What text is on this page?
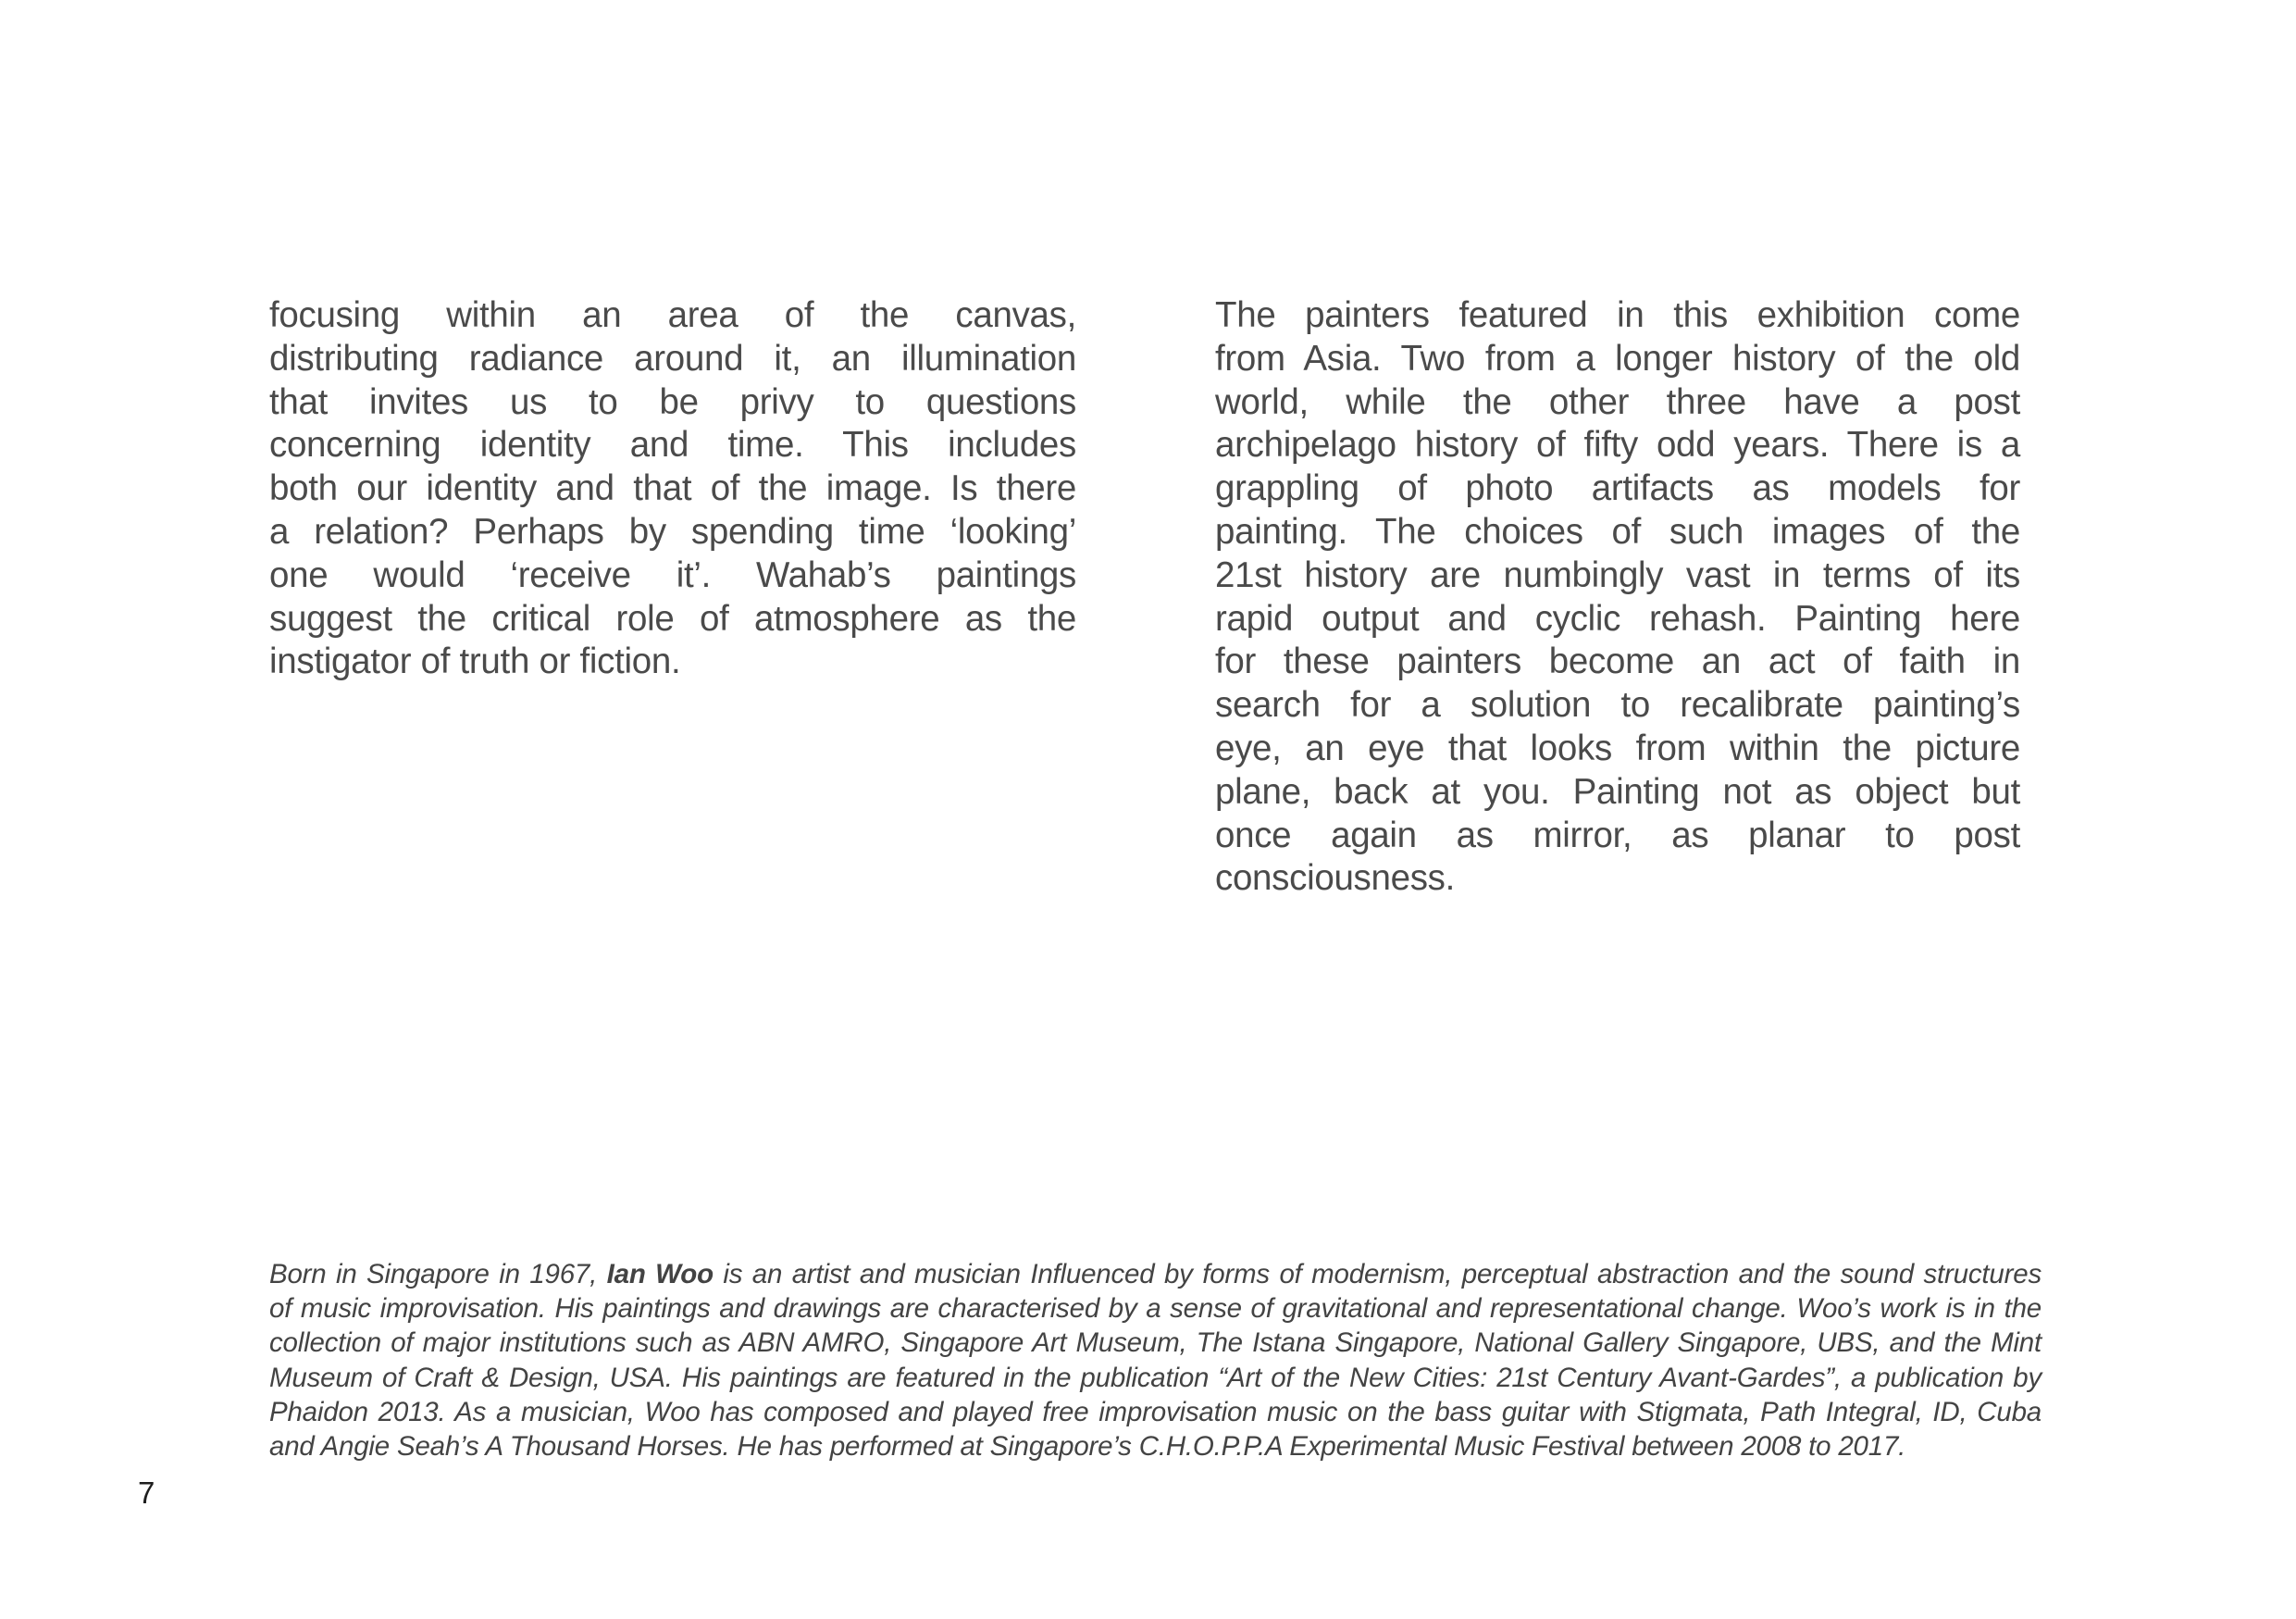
focusing within an area of the canvas,
distributing radiance around it, an illumination
that invites us to be privy to questions
concerning identity and time. This includes
both our identity and that of the image. Is there
a relation? Perhaps by spending time ‘looking’
one would ‘receive it’. Wahab’s paintings
suggest the critical role of atmosphere as the
instigator of truth or fiction.
The painters featured in this exhibition come
from Asia. Two from a longer history of the old
world, while the other three have a post
archipelago history of fifty odd years. There is a
grappling of photo artifacts as models for
painting. The choices of such images of the
21st history are numbingly vast in terms of its
rapid output and cyclic rehash. Painting here
for these painters become an act of faith in
search for a solution to recalibrate painting’s
eye, an eye that looks from within the picture
plane, back at you. Painting not as object but
once again as mirror, as planar to post
consciousness.
Born in Singapore in 1967, Ian Woo is an artist and musician Influenced by forms of modernism, perceptual abstraction and the sound structures
of music improvisation. His paintings and drawings are characterised by a sense of gravitational and representational change. Woo’s work is in the
collection of major institutions such as ABN AMRO, Singapore Art Museum, The Istana Singapore, National Gallery Singapore, UBS, and the Mint
Museum of Craft & Design, USA. His paintings are featured in the publication “Art of the New Cities: 21st Century Avant-Gardes”, a publication by
Phaidon 2013. As a musician, Woo has composed and played free improvisation music on the bass guitar with Stigmata, Path Integral, ID, Cuba
and Angie Seah’s A Thousand Horses. He has performed at Singapore’s C.H.O.P.P.A Experimental Music Festival between 2008 to 2017.
7
